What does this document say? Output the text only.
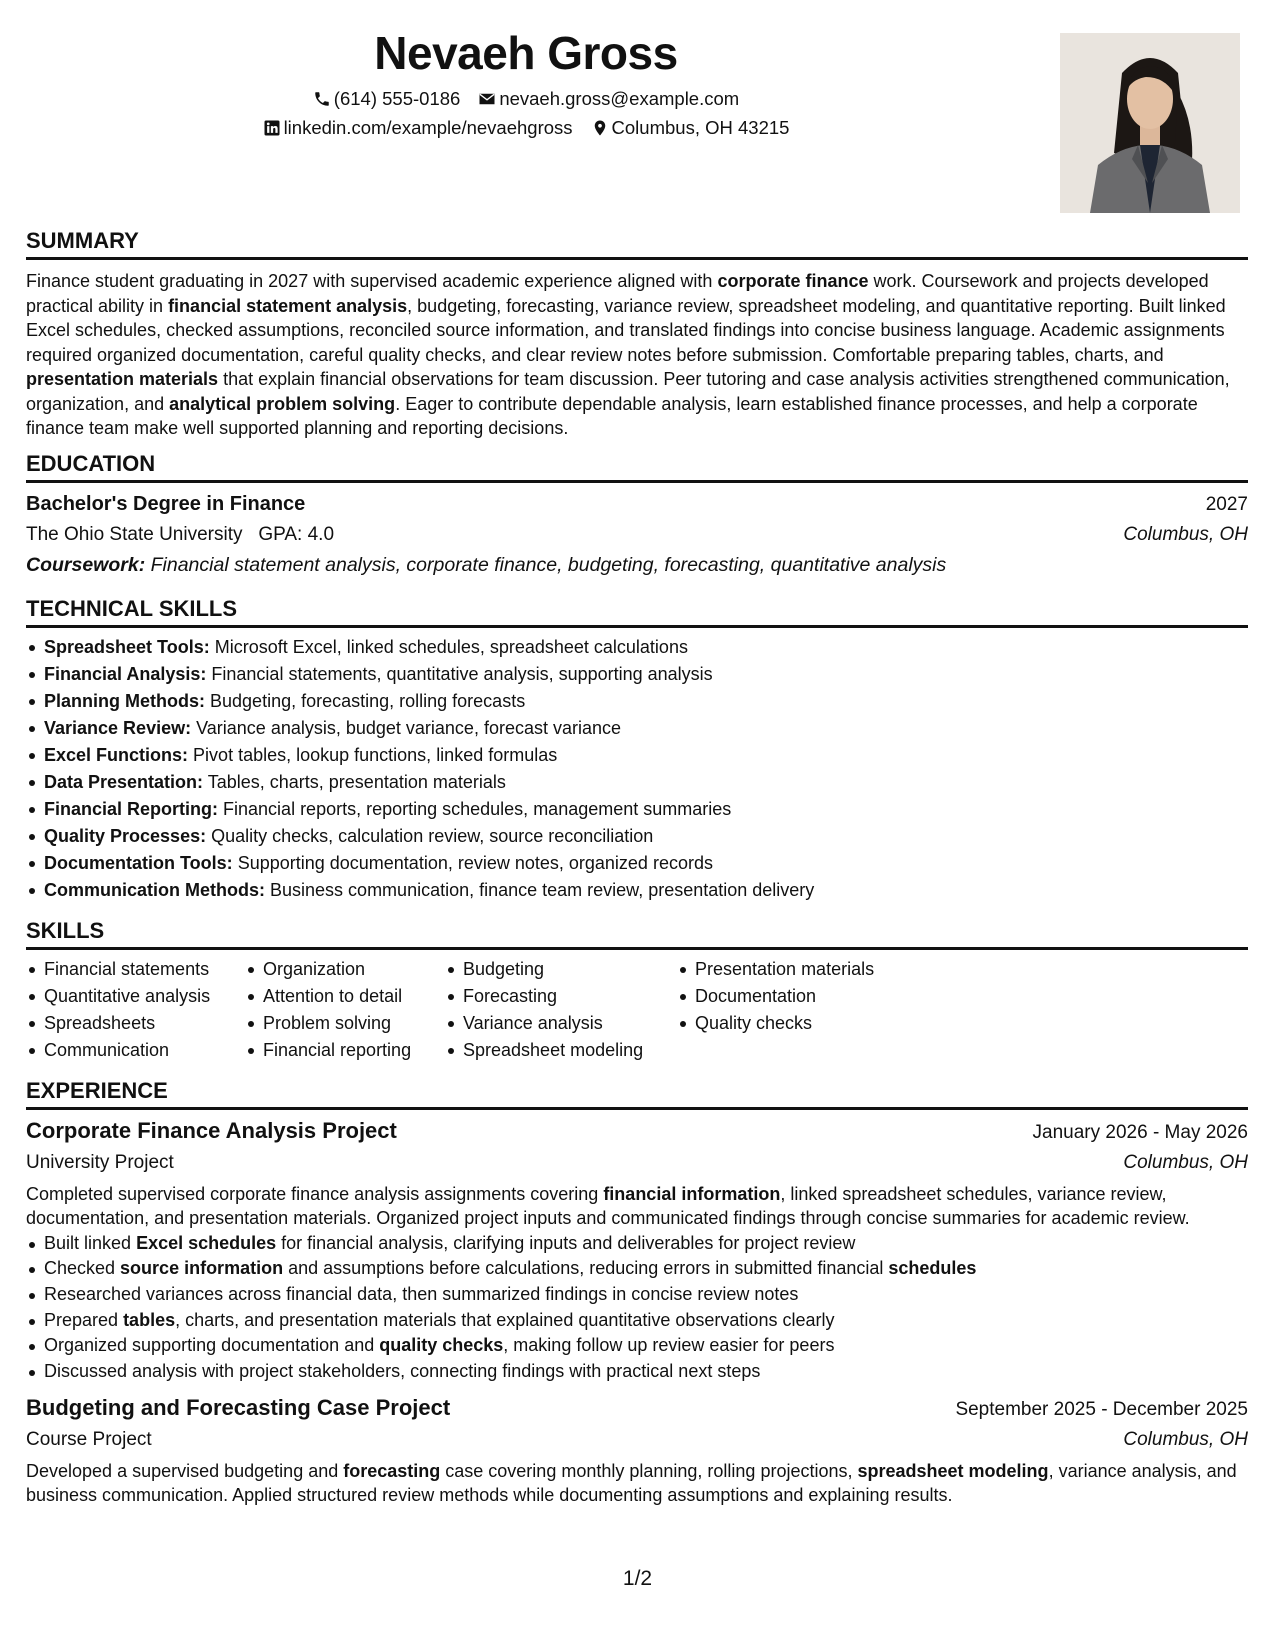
Nevaeh Gross
(614) 555-0186 nevaeh.gross@example.com
linkedin.com/example/nevaehgross Columbus, OH 43215
SUMMARY
Finance student graduating in 2027 with supervised academic experience aligned with corporate finance work. Coursework and projects developed practical ability in financial statement analysis, budgeting, forecasting, variance review, spreadsheet modeling, and quantitative reporting. Built linked Excel schedules, checked assumptions, reconciled source information, and translated findings into concise business language. Academic assignments required organized documentation, careful quality checks, and clear review notes before submission. Comfortable preparing tables, charts, and presentation materials that explain financial observations for team discussion. Peer tutoring and case analysis activities strengthened communication, organization, and analytical problem solving. Eager to contribute dependable analysis, learn established finance processes, and help a corporate finance team make well supported planning and reporting decisions.
EDUCATION
Bachelor's Degree in Finance	2027
The Ohio State University GPA: 4.0	Columbus, OH
Coursework: Financial statement analysis, corporate finance, budgeting, forecasting, quantitative analysis
TECHNICAL SKILLS
Spreadsheet Tools: Microsoft Excel, linked schedules, spreadsheet calculations
Financial Analysis: Financial statements, quantitative analysis, supporting analysis
Planning Methods: Budgeting, forecasting, rolling forecasts
Variance Review: Variance analysis, budget variance, forecast variance
Excel Functions: Pivot tables, lookup functions, linked formulas
Data Presentation: Tables, charts, presentation materials
Financial Reporting: Financial reports, reporting schedules, management summaries
Quality Processes: Quality checks, calculation review, source reconciliation
Documentation Tools: Supporting documentation, review notes, organized records
Communication Methods: Business communication, finance team review, presentation delivery
SKILLS
Financial statements
Quantitative analysis
Spreadsheets
Communication
Organization
Attention to detail
Problem solving
Financial reporting
Budgeting
Forecasting
Variance analysis
Spreadsheet modeling
Presentation materials
Documentation
Quality checks
EXPERIENCE
Corporate Finance Analysis Project	January 2026 - May 2026
University Project	Columbus, OH
Completed supervised corporate finance analysis assignments covering financial information, linked spreadsheet schedules, variance review, documentation, and presentation materials. Organized project inputs and communicated findings through concise summaries for academic review.
Built linked Excel schedules for financial analysis, clarifying inputs and deliverables for project review
Checked source information and assumptions before calculations, reducing errors in submitted financial schedules
Researched variances across financial data, then summarized findings in concise review notes
Prepared tables, charts, and presentation materials that explained quantitative observations clearly
Organized supporting documentation and quality checks, making follow up review easier for peers
Discussed analysis with project stakeholders, connecting findings with practical next steps
Budgeting and Forecasting Case Project	September 2025 - December 2025
Course Project	Columbus, OH
Developed a supervised budgeting and forecasting case covering monthly planning, rolling projections, spreadsheet modeling, variance analysis, and business communication. Applied structured review methods while documenting assumptions and explaining results.
1/2
